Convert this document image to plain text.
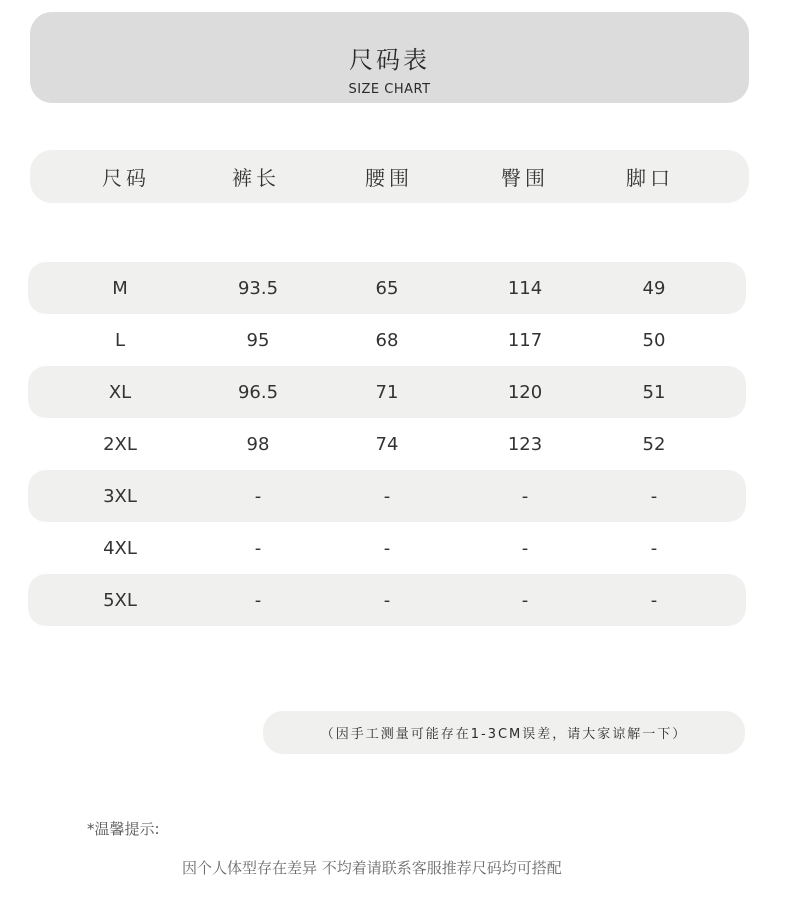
尺码表
SIZE CHART
尺码	裤长	腰围	臀围	脚口
M	93.5	65	114	49
L	95	68	117	50
XL	96.5	71	120	51
2XL	98	74	123	52
3XL	-	-	-	-
4XL	-	-	-	-
5XL	-	-	-	-
（因手工测量可能存在1-3CM误差，请大家谅解一下）
*温馨提示:
因个人体型存在差异 不均着请联系客服推荐尺码均可搭配
